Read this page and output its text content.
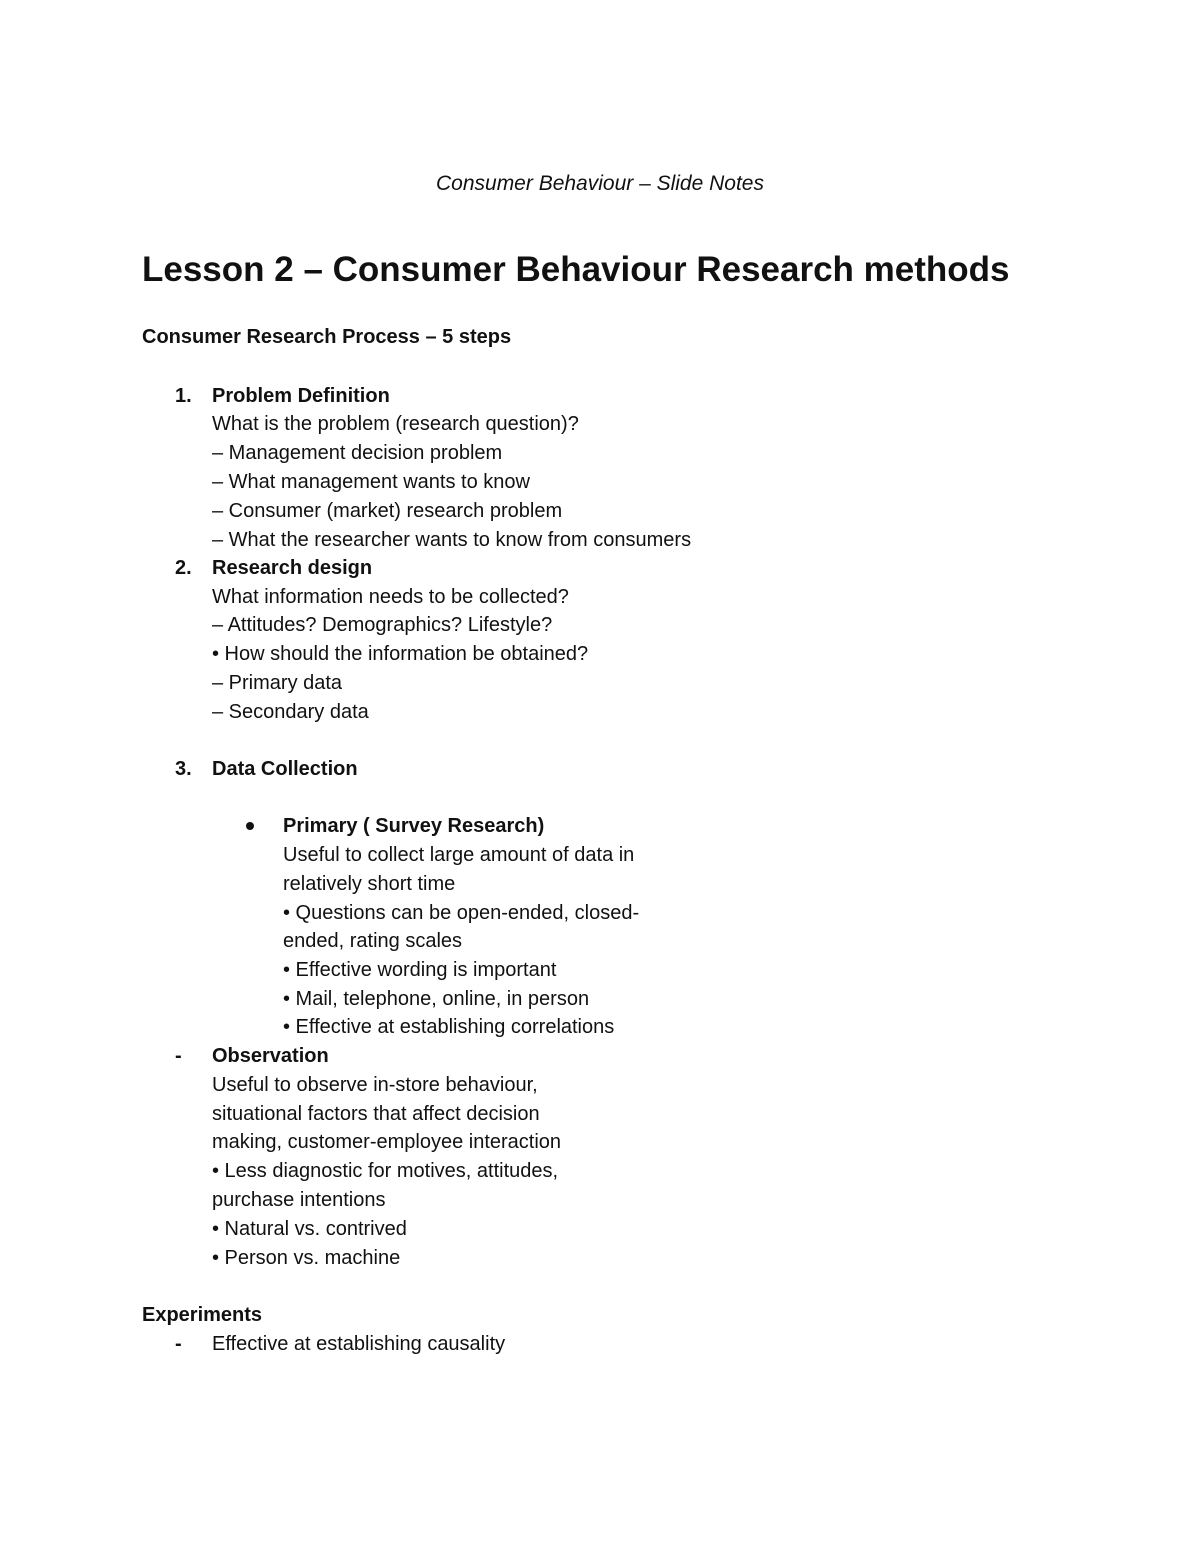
Consumer Behaviour – Slide Notes
Lesson 2 – Consumer Behaviour Research methods
Consumer Research Process – 5 steps
1. Problem Definition
What is the problem (research question)?
– Management decision problem
– What management wants to know
– Consumer (market) research problem
– What the researcher wants to know from consumers
2. Research design
What information needs to be collected?
– Attitudes? Demographics? Lifestyle?
• How should the information be obtained?
– Primary data
– Secondary data
3. Data Collection
Primary ( Survey Research)
Useful to collect large amount of data in
relatively short time
• Questions can be open-ended, closed-
ended, rating scales
• Effective wording is important
• Mail, telephone, online, in person
• Effective at establishing correlations
- Observation
Useful to observe in-store behaviour,
situational factors that affect decision
making, customer-employee interaction
• Less diagnostic for motives, attitudes,
purchase intentions
• Natural vs. contrived
• Person vs. machine
Experiments
- Effective at establishing causality
